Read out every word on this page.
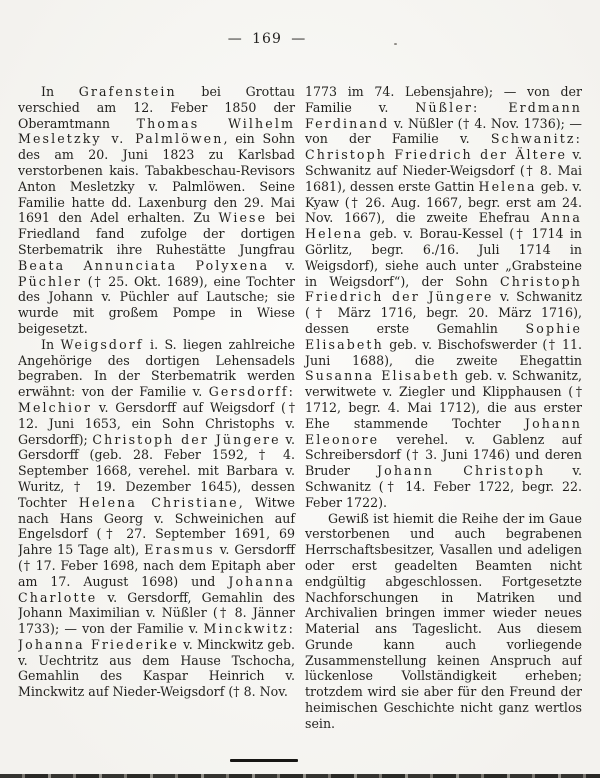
— 169 —

In Grafenstein bei Grottau verschied am 12. Feber 1850 der Oberamtmann Thomas Wilhelm Mesletzky v. Palmlöwen, ein Sohn des am 20. Juni 1823 zu Karlsbad verstorbenen kais. Tabakbeschau-Revisors Anton Mesletzky v. Palmlöwen. Seine Familie hatte dd. Laxenburg den 29. Mai 1691 den Adel erhalten. Zu Wiese bei Friedland fand zufolge der dortigen Sterbematrik ihre Ruhestätte Jungfrau Beata Annunciata Polyxena v. Püchler († 25. Okt. 1689), eine Tochter des Johann v. Püchler auf Lautsche; sie wurde mit großem Pompe in Wiese beigesetzt.

In Weigsdorf i. S. liegen zahlreiche Angehörige des dortigen Lehensadels begraben. In der Sterbematrik werden erwähnt: von der Familie v. Gersdorff: Melchior v. Gersdorff auf Weigsdorf († 12. Juni 1653, ein Sohn Christophs v. Gersdorff); Christoph der Jüngere v. Gersdorff (geb. 28. Feber 1592, † 4. September 1668, verehel. mit Barbara v. Wuritz, † 19. Dezember 1645), dessen Tochter Helena Christiane, Witwe nach Hans Georg v. Schweinichen auf Engelsdorf († 27. September 1691, 69 Jahre 15 Tage alt), Erasmus v. Gersdorff († 17. Feber 1698, nach dem Epitaph aber am 17. August 1698) und Johanna Charlotte v. Gersdorff, Gemahlin des Johann Maximilian v. Nüßler († 8. Jänner 1733); — von der Familie v. Minckwitz: Johanna Friederike v. Minckwitz geb. v. Uechtritz aus dem Hause Tschocha, Gemahlin des Kaspar Heinrich v. Minckwitz auf Nieder-Weigsdorf († 8. Nov.

1773 im 74. Lebensjahre); — von der Familie v. Nüßler: Erdmann Ferdinand v. Nüßler († 4. Nov. 1736); — von der Familie v. Schwanitz: Christoph Friedrich der Ältere v. Schwanitz auf Nieder-Weigsdorf († 8. Mai 1681), dessen erste Gattin Helena geb. v. Kyaw († 26. Aug. 1667, begr. erst am 24. Nov. 1667), die zweite Ehefrau Anna Helena geb. v. Borau-Kessel († 1714 in Görlitz, begr. 6./16. Juli 1714 in Weigsdorf), siehe auch unter „Grabsteine in Weigsdorf“), der Sohn Christoph Friedrich der Jüngere v. Schwanitz († März 1716, begr. 20. März 1716), dessen erste Gemahlin Sophie Elisabeth geb. v. Bischofswerder († 11. Juni 1688), die zweite Ehegattin Susanna Elisabeth geb. v. Schwanitz, verwitwete v. Ziegler und Klipphausen († 1712, begr. 4. Mai 1712), die aus erster Ehe stammende Tochter Johann Eleonore verehel. v. Gablenz auf Schreibersdorf († 3. Juni 1746) und deren Bruder Johann Christoph v. Schwanitz († 14. Feber 1722, begr. 22. Feber 1722).

Gewiß ist hiemit die Reihe der im Gaue verstorbenen und auch begrabenen Herrschaftsbesitzer, Vasallen und adeligen oder erst geadelten Beamten nicht endgültig abgeschlossen. Fortgesetzte Nachforschungen in Matriken und Archivalien bringen immer wieder neues Material ans Tageslicht. Aus diesem Grunde kann auch vorliegende Zusammenstellung keinen Anspruch auf lückenlose Vollständigkeit erheben; trotzdem wird sie aber für den Freund der heimischen Geschichte nicht ganz wertlos sein.
